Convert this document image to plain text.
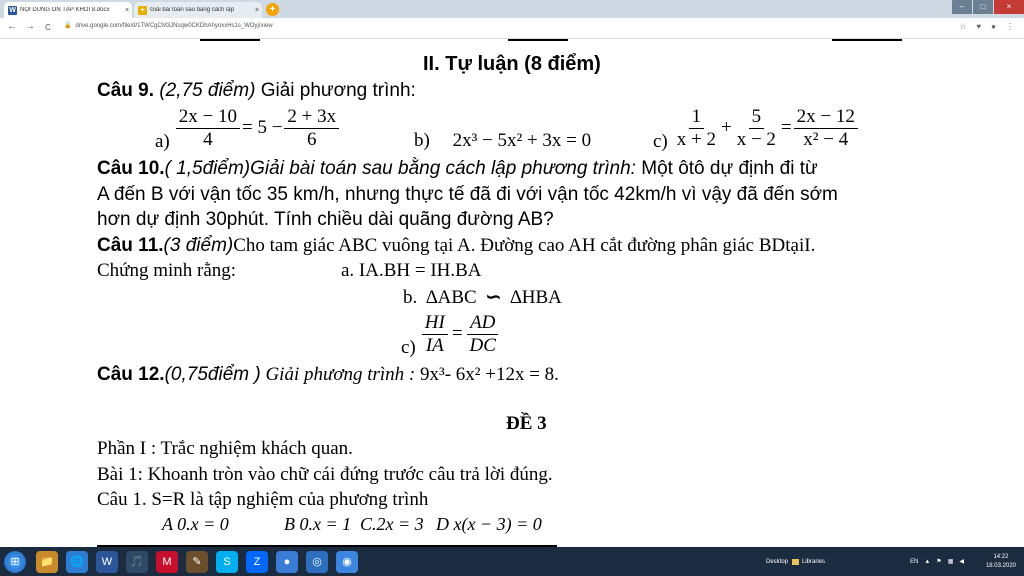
W NỘI DUNG ÔN TẬP KHỐI 8.docx	×	+ Giải bài toán sau bằng cách lập	×	+	–	□	×
← →	C	🔒 drive.google.com/file/d/1TWCgCM3JNsqw0CKDhAhyoxxHs1s_WOyj/view	☆ ♥ ● ⋮
II. Tự luận (8 điểm)
Câu 9. (2,75 điểm) Giải phương trình:
$a) \frac{2x - 10}{4} = 5 - \frac{2 + 3x}{6}$	b) 2x³ − 5x² + 3x = 0	$c) \frac{1}{x + 2} + \frac{5}{x - 2} = \frac{2x - 12}{\text{x² − 4}}$
Câu 10.( 1,5điểm)Giải bài toán sau bằng cách lập phương trình: Một ôtô dự định đi từ
A đến B với vận tốc 35 km/h, nhưng thực tế đã đi với vận tốc 42km/h vì vậy đã đến sớm
hơn dự định 30phút. Tính chiều dài quãng đường AB?
Câu 11.(3 điểm)Cho tam giác ABC vuông tại A. Đường cao AH cắt đường phân giác BDtạiI.
Chứng minh rằng:	a. IA.BH = IH.BA
b. ∆ABC ∽ ∆HBA
$c) \frac{HI}{IA} = \frac{AD}{DC}$
Câu 12.(0,75điểm ) Giải phương trình : 9x³- 6x² +12x = 8.
ĐỀ 3
Phần I : Trắc nghiệm khách quan.
Bài 1: Khoanh tròn vào chữ cái đứng trước câu trả lời đúng.
Câu 1. S=R là tập nghiệm của phương trình
A 0.x = 0	B 0.x = 1 C.2x = 3 D x(x − 3) = 0
⊞	📁	🌐	W	🎵	M	✎	S	Z	●	◎	◉	Desktop Libraries	EN ▲ ⚑ ▦ ◀
14:22
18.03.2020
